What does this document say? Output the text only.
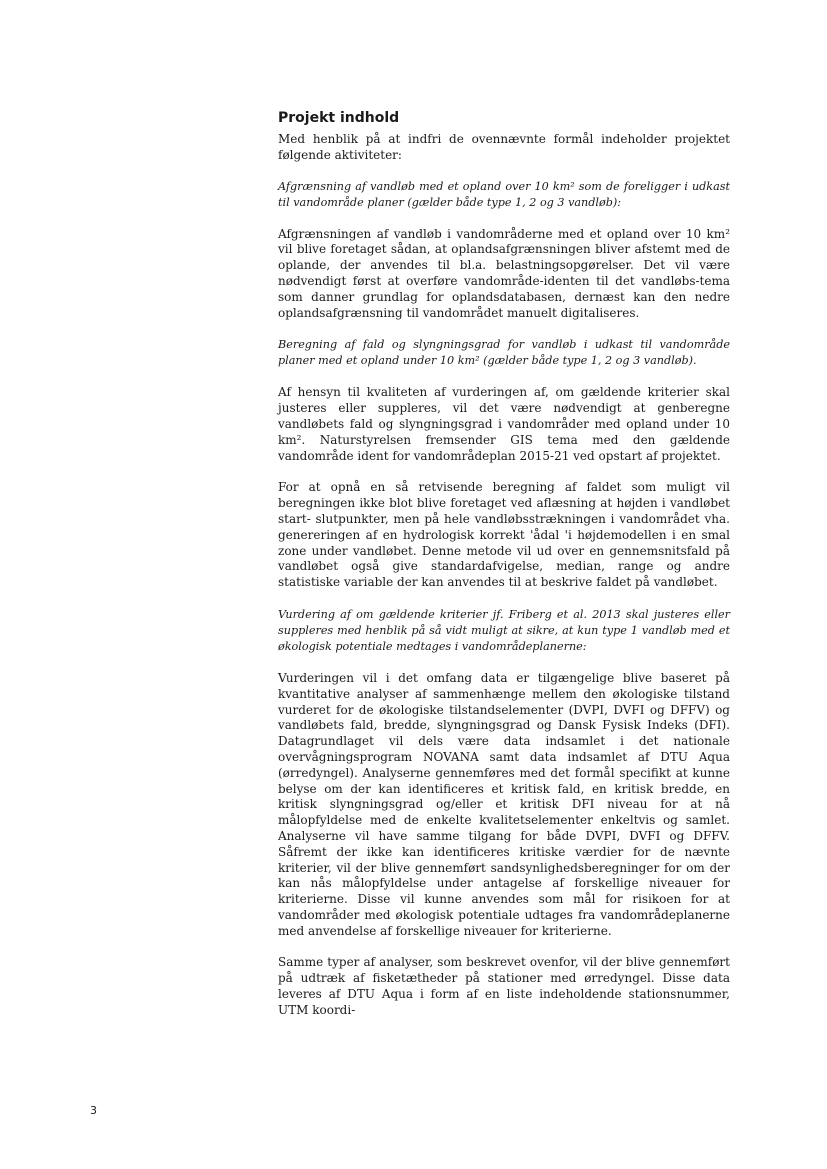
Projekt indhold

Med henblik på at indfri de ovennævnte formål indeholder projektet følgende aktiviteter:

Afgrænsning af vandløb med et opland over 10 km² som de foreligger i udkast til vandområde planer (gælder både type 1, 2 og 3 vandløb):

Afgrænsningen af vandløb i vandområderne med et opland over 10 km² vil blive foretaget sådan, at oplandsafgrænsningen bliver afstemt med de oplande, der anvendes til bl.a. belastningsopgørelser. Det vil være nødvendigt først at overføre vandområde-identen til det vandløbs-tema som danner grundlag for oplandsdatabasen, dernæst kan den nedre oplandsafgrænsning til vandområdet manuelt digitaliseres.

Beregning af fald og slyngningsgrad for vandløb i udkast til vandområde planer med et opland under 10 km² (gælder både type 1, 2 og 3 vandløb).

Af hensyn til kvaliteten af vurderingen af, om gældende kriterier skal justeres eller suppleres, vil det være nødvendigt at genberegne vandløbets fald og slyngningsgrad i vandområder med opland under 10 km². Naturstyrelsen fremsender GIS tema med den gældende vandområde ident for vandområdeplan 2015-21 ved opstart af projektet.

For at opnå en så retvisende beregning af faldet som muligt vil beregningen ikke blot blive foretaget ved aflæsning at højden i vandløbet start- slutpunkter, men på hele vandløbsstrækningen i vandområdet vha. genereringen af en hydrologisk korrekt 'ådal 'i højdemodellen i en smal zone under vandløbet. Denne metode vil ud over en gennemsnitsfald på vandløbet også give standardafvigelse, median, range og andre statistiske variable der kan anvendes til at beskrive faldet på vandløbet.

Vurdering af om gældende kriterier jf. Friberg et al. 2013 skal justeres eller suppleres med henblik på så vidt muligt at sikre, at kun type 1 vandløb med et økologisk potentiale medtages i vandområdeplanerne:

Vurderingen vil i det omfang data er tilgængelige blive baseret på kvantitative analyser af sammenhænge mellem den økologiske tilstand vurderet for de økologiske tilstandselementer (DVPI, DVFI og DFFV) og vandløbets fald, bredde, slyngningsgrad og Dansk Fysisk Indeks (DFI). Datagrundlaget vil dels være data indsamlet i det nationale overvågningsprogram NOVANA samt data indsamlet af DTU Aqua (ørredyngel). Analyserne gennemføres med det formål specifikt at kunne belyse om der kan identificeres et kritisk fald, en kritisk bredde, en kritisk slyngningsgrad og/eller et kritisk DFI niveau for at nå målopfyldelse med de enkelte kvalitetselementer enkeltvis og samlet. Analyserne vil have samme tilgang for både DVPI, DVFI og DFFV. Såfremt der ikke kan identificeres kritiske værdier for de nævnte kriterier, vil der blive gennemført sandsynlighedsberegninger for om der kan nås målopfyldelse under antagelse af forskellige niveauer for kriterierne. Disse vil kunne anvendes som mål for risikoen for at vandområder med økologisk potentiale udtages fra vandområdeplanerne med anvendelse af forskellige niveauer for kriterierne.

Samme typer af analyser, som beskrevet ovenfor, vil der blive gennemført på udtræk af fisketætheder på stationer med ørredyngel. Disse data leveres af DTU Aqua i form af en liste indeholdende stationsnummer, UTM koordi-

3
